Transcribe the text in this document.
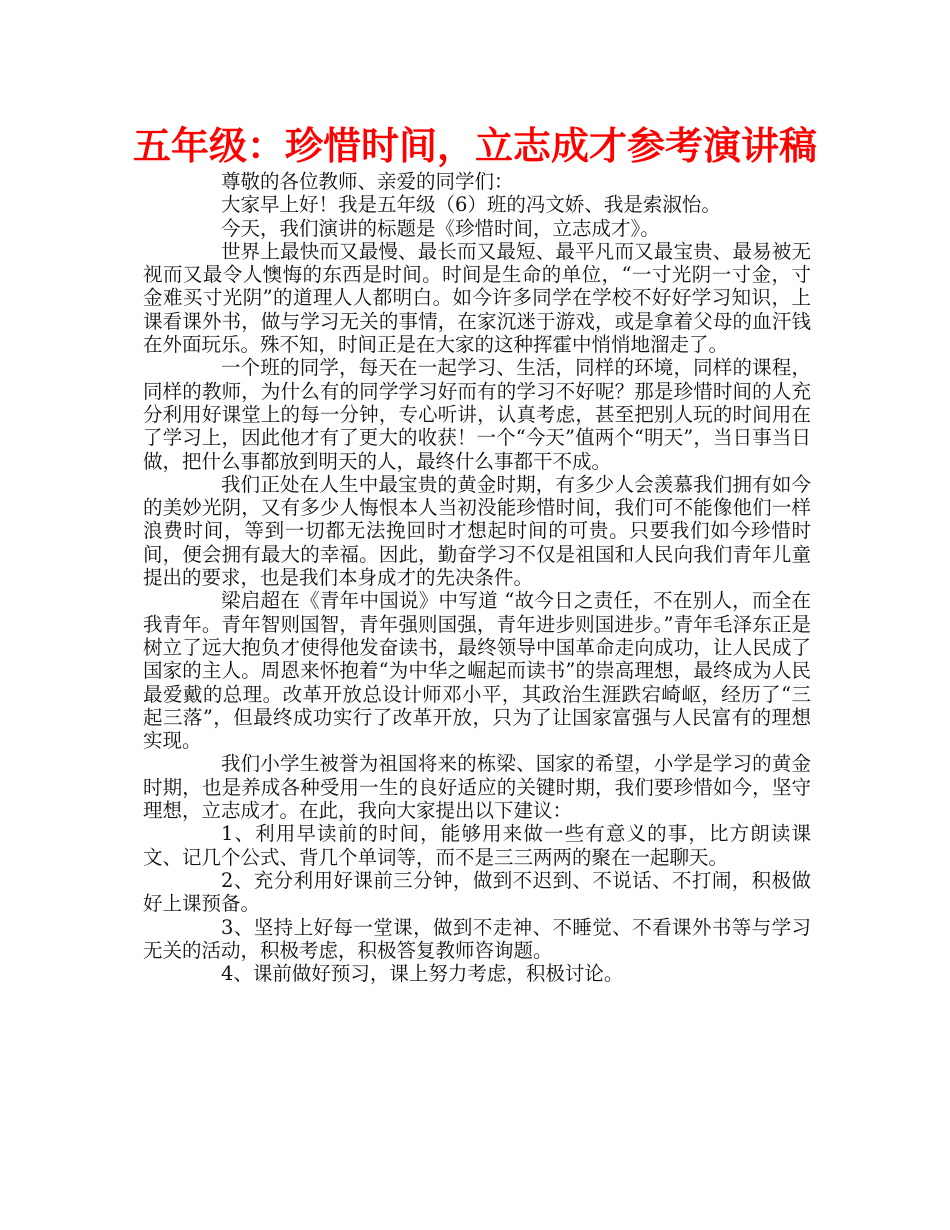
五年级：珍惜时间，立志成才参考演讲稿

尊敬的各位教师、亲爱的同学们：

大家早上好！我是五年级（6）班的冯文娇、我是索淑怡。

今天，我们演讲的标题是《珍惜时间，立志成才》。

世界上最快而又最慢、最长而又最短、最平凡而又最宝贵、最易被无视而又最令人懊悔的东西是时间。时间是生命的单位，“一寸光阴一寸金，寸金难买寸光阴”的道理人人都明白。如今许多同学在学校不好好学习知识，上课看课外书，做与学习无关的事情，在家沉迷于游戏，或是拿着父母的血汗钱在外面玩乐。殊不知，时间正是在大家的这种挥霍中悄悄地溜走了。

一个班的同学，每天在一起学习、生活，同样的环境，同样的课程，同样的教师，为什么有的同学学习好而有的学习不好呢？那是珍惜时间的人充分利用好课堂上的每一分钟，专心听讲，认真考虑，甚至把别人玩的时间用在了学习上，因此他才有了更大的收获！一个“今天”值两个“明天”，当日事当日做，把什么事都放到明天的人，最终什么事都干不成。

我们正处在人生中最宝贵的黄金时期，有多少人会羡慕我们拥有如今的美妙光阴，又有多少人悔恨本人当初没能珍惜时间，我们可不能像他们一样浪费时间，等到一切都无法挽回时才想起时间的可贵。只要我们如今珍惜时间，便会拥有最大的幸福。因此，勤奋学习不仅是祖国和人民向我们青年儿童提出的要求，也是我们本身成才的先决条件。

梁启超在《青年中国说》中写道 “故今日之责任，不在别人，而全在我青年。青年智则国智，青年强则国强，青年进步则国进步。”青年毛泽东正是树立了远大抱负才使得他发奋读书，最终领导中国革命走向成功，让人民成了国家的主人。周恩来怀抱着“为中华之崛起而读书”的崇高理想，最终成为人民最爱戴的总理。改革开放总设计师邓小平，其政治生涯跌宕崎岖，经历了“三起三落”，但最终成功实行了改革开放，只为了让国家富强与人民富有的理想实现。

我们小学生被誉为祖国将来的栋梁、国家的希望，小学是学习的黄金时期，也是养成各种受用一生的良好适应的关键时期，我们要珍惜如今，坚守理想，立志成才。在此，我向大家提出以下建议：

1、利用早读前的时间，能够用来做一些有意义的事，比方朗读课文、记几个公式、背几个单词等，而不是三三两两的聚在一起聊天。

2、充分利用好课前三分钟，做到不迟到、不说话、不打闹，积极做好上课预备。

3、坚持上好每一堂课，做到不走神、不睡觉、不看课外书等与学习无关的活动，积极考虑，积极答复教师咨询题。

4、课前做好预习，课上努力考虑，积极讨论。
